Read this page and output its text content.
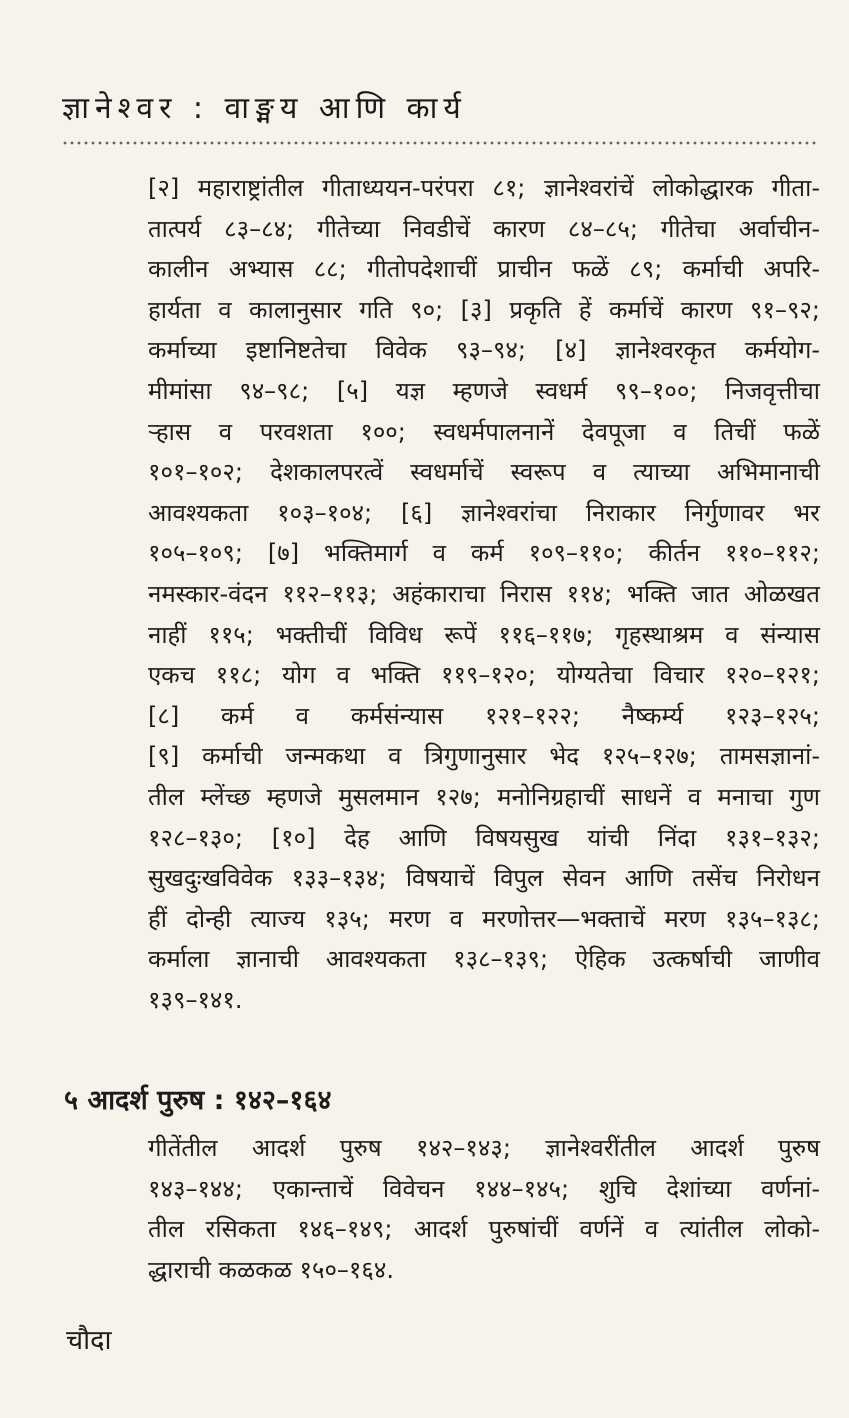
ज्ञानेश्वर : वाङ्मय आणि कार्य
[२] महाराष्ट्रांतील गीताध्ययन-परंपरा ८१; ज्ञानेश्वरांचें लोकोद्धारक गीता-
तात्पर्य ८३–८४; गीतेच्या निवडीचें कारण ८४–८५; गीतेचा अर्वाचीन-
कालीन अभ्यास ८८; गीतोपदेशाचीं प्राचीन फळें ८९; कर्माची अपरि-
हार्यता व कालानुसार गति ९०; [३] प्रकृति हें कर्माचें कारण ९१–९२;
कर्माच्या इष्टानिष्टतेचा विवेक ९३–९४; [४] ज्ञानेश्वरकृत कर्मयोग-
मीमांसा ९४–९८; [५] यज्ञ म्हणजे स्वधर्म ९९–१००; निजवृत्तीचा
ऱ्हास व परवशता १००; स्वधर्मपालनानें देवपूजा व तिचीं फळें
१०१–१०२; देशकालपरत्वें स्वधर्माचें स्वरूप व त्याच्या अभिमानाची
आवश्यकता १०३–१०४; [६] ज्ञानेश्वरांचा निराकार निर्गुणावर भर
१०५–१०९; [७] भक्तिमार्ग व कर्म १०९–११०; कीर्तन ११०–११२;
नमस्कार-वंदन ११२–११३; अहंकाराचा निरास ११४; भक्ति जात ओळखत
नाहीं ११५; भक्तीचीं विविध रूपें ११६–११७; गृहस्थाश्रम व संन्यास
एकच ११८; योग व भक्ति ११९–१२०; योग्यतेचा विचार १२०–१२१;
[८] कर्म व कर्मसंन्यास १२१–१२२; नैष्कर्म्य १२३–१२५;
[९] कर्माची जन्मकथा व त्रिगुणानुसार भेद १२५–१२७; तामसज्ञानां-
तील म्लेंच्छ म्हणजे मुसलमान १२७; मनोनिग्रहाचीं साधनें व मनाचा गुण
१२८–१३०; [१०] देह आणि विषयसुख यांची निंदा १३१–१३२;
सुखदुःखविवेक १३३–१३४; विषयाचें विपुल सेवन आणि तसेंच निरोधन
हीं दोन्ही त्याज्य १३५; मरण व मरणोत्तर—भक्ताचें मरण १३५–१३८;
कर्माला ज्ञानाची आवश्यकता १३८–१३९; ऐहिक उत्कर्षाची जाणीव
१३९–१४१.
५ आदर्श पुरुष : १४२–१६४
गीतेंतील आदर्श पुरुष १४२–१४३; ज्ञानेश्वरींतील आदर्श पुरुष
१४३–१४४; एकान्ताचें विवेचन १४४–१४५; शुचि देशांच्या वर्णनां-
तील रसिकता १४६–१४९; आदर्श पुरुषांचीं वर्णनें व त्यांतील लोको-
द्धाराची कळकळ १५०–१६४.
चौदा
